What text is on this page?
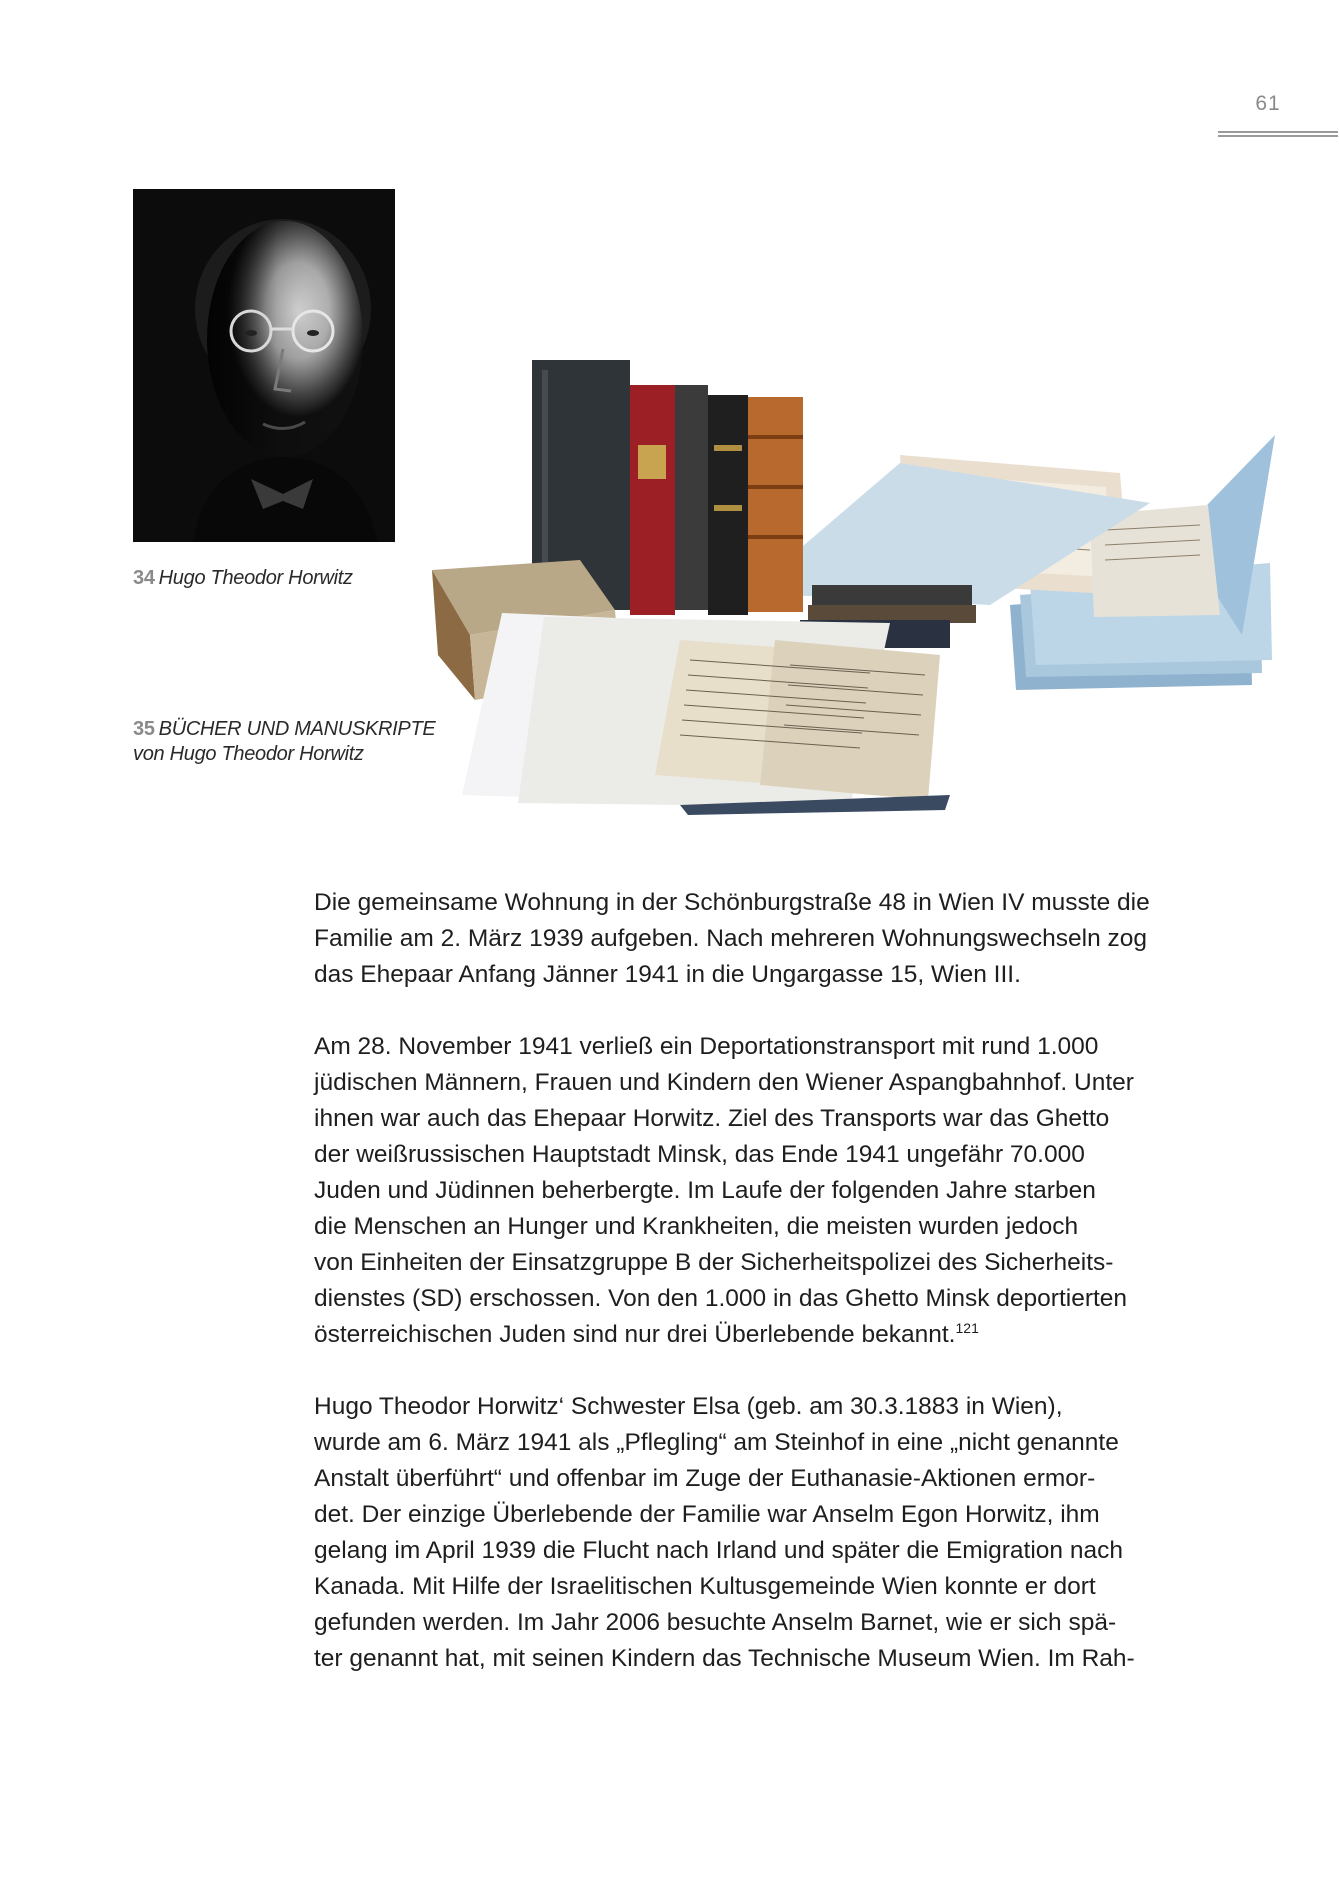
61
34 Hugo Theodor Horwitz
35 BÜCHER UND MANUSKRIPTE
von Hugo Theodor Horwitz

Die gemeinsame Wohnung in der Schönburgstraße 48 in Wien IV musste die
Familie am 2. März 1939 aufgeben. Nach mehreren Wohnungswechseln zog
das Ehepaar Anfang Jänner 1941 in die Ungargasse 15, Wien III.

Am 28. November 1941 verließ ein Deportationstransport mit rund 1.000
jüdischen Männern, Frauen und Kindern den Wiener Aspangbahnhof. Unter
ihnen war auch das Ehepaar Horwitz. Ziel des Transports war das Ghetto
der weißrussischen Hauptstadt Minsk, das Ende 1941 ungefähr 70.000
Juden und Jüdinnen beherbergte. Im Laufe der folgenden Jahre starben
die Menschen an Hunger und Krankheiten, die meisten wurden jedoch
von Einheiten der Einsatzgruppe B der Sicherheitspolizei des Sicherheits-
dienstes (SD) erschossen. Von den 1.000 in das Ghetto Minsk deportierten
österreichischen Juden sind nur drei Überlebende bekannt.$^{121}$

Hugo Theodor Horwitz‘ Schwester Elsa (geb. am 30.3.1883 in Wien),
wurde am 6. März 1941 als „Pflegling“ am Steinhof in eine „nicht genannte
Anstalt überführt“ und offenbar im Zuge der Euthanasie-Aktionen ermor-
det. Der einzige Überlebende der Familie war Anselm Egon Horwitz, ihm
gelang im April 1939 die Flucht nach Irland und später die Emigration nach
Kanada. Mit Hilfe der Israelitischen Kultusgemeinde Wien konnte er dort
gefunden werden. Im Jahr 2006 besuchte Anselm Barnet, wie er sich spä-
ter genannt hat, mit seinen Kindern das Technische Museum Wien. Im Rah-
